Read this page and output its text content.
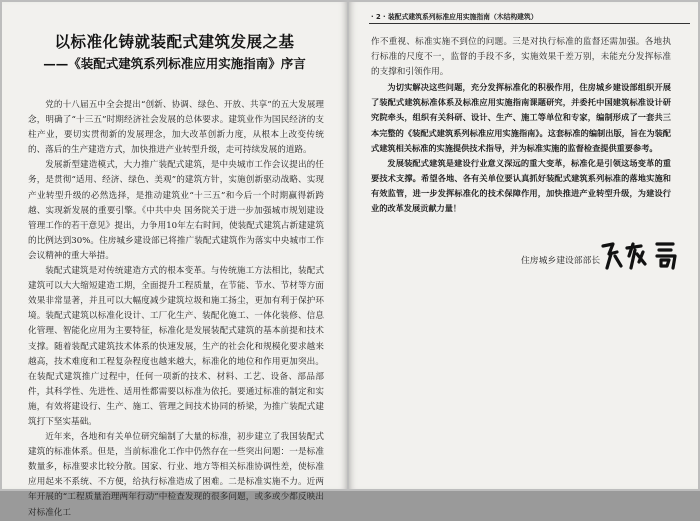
以标准化铸就装配式建筑发展之基
——《装配式建筑系列标准应用实施指南》序言

党的十八届五中全会提出“创新、协调、绿色、开放、共享”的五大发展理念，明确了“十三五”时期经济社会发展的总体要求。建筑业作为国民经济的支柱产业，要切实贯彻新的发展理念，加大改革创新力度，从根本上改变传统的、落后的生产建造方式，加快推进产业转型升级，走可持续发展的道路。

发展新型建造模式，大力推广装配式建筑，是中央城市工作会议提出的任务，是贯彻“适用、经济、绿色、美观”的建筑方针，实施创新驱动战略、实现产业转型升级的必然选择，是推动建筑业“十三五”和今后一个时期赢得新跨越、实现新发展的重要引擎。《中共中央 国务院关于进一步加强城市规划建设管理工作的若干意见》提出，力争用10年左右时间，使装配式建筑占新建建筑的比例达到30%。住房城乡建设部已将推广装配式建筑作为落实中央城市工作会议精神的重大举措。

装配式建筑是对传统建造方式的根本变革。与传统施工方法相比，装配式建筑可以大大缩短建造工期，全面提升工程质量，在节能、节水、节材等方面效果非常显著，并且可以大幅度减少建筑垃圾和施工扬尘，更加有利于保护环境。装配式建筑以标准化设计、工厂化生产、装配化施工、一体化装修、信息化管理、智能化应用为主要特征，标准化是发展装配式建筑的基本前提和技术支撑。随着装配式建筑技术体系的快速发展，生产的社会化和规模化要求越来越高，技术难度和工程复杂程度也越来越大，标准化的地位和作用更加突出。在装配式建筑推广过程中，任何一项新的技术、材料、工艺、设备、部品部件，其科学性、先进性、适用性都需要以标准为依托。要通过标准的制定和实施，有效将建设行、生产、施工、管理之间技术协同的桥梁，为推广装配式建筑打下坚实基础。

近年来，各地和有关单位研究编制了大量的标准，初步建立了我国装配式建筑的标准体系。但是，当前标准化工作中仍然存在一些突出问题：一是标准数量多，标准要求比较分散。国家、行业、地方等相关标准协调性差，使标准应用起来不系统、不方便，给执行标准造成了困难。二是标准实施不力。近两年开展的“工程质量治理两年行动”中检查发现的很多问题，或多或少都反映出对标准化工

· 2 · 装配式建筑系列标准应用实施指南（木结构建筑）

作不重视、标准实施不到位的问题。三是对执行标准的监督还需加强。各地执行标准的尺度不一，监督的手段不多，实施效果千差万别，未能充分发挥标准的支撑和引领作用。

为切实解决这些问题，充分发挥标准化的积极作用，住房城乡建设部组织开展了装配式建筑标准体系及标准应用实施指南课题研究，并委托中国建筑标准设计研究院牵头，组织有关科研、设计、生产、施工等单位和专家，编制形成了一套共三本完整的《装配式建筑系列标准应用实施指南》。这套标准的编制出版，旨在为装配式建筑相关标准的实施提供技术指导，并为标准实施的监督检查提供重要参考。

发展装配式建筑是建设行业意义深远的重大变革，标准化是引领这场变革的重要技术支撑。希望各地、各有关单位要认真抓好装配式建筑系列标准的落地实施和有效监管，进一步发挥标准化的技术保障作用，加快推进产业转型升级，为建设行业的改革发展贡献力量！

住房城乡建设部部长
